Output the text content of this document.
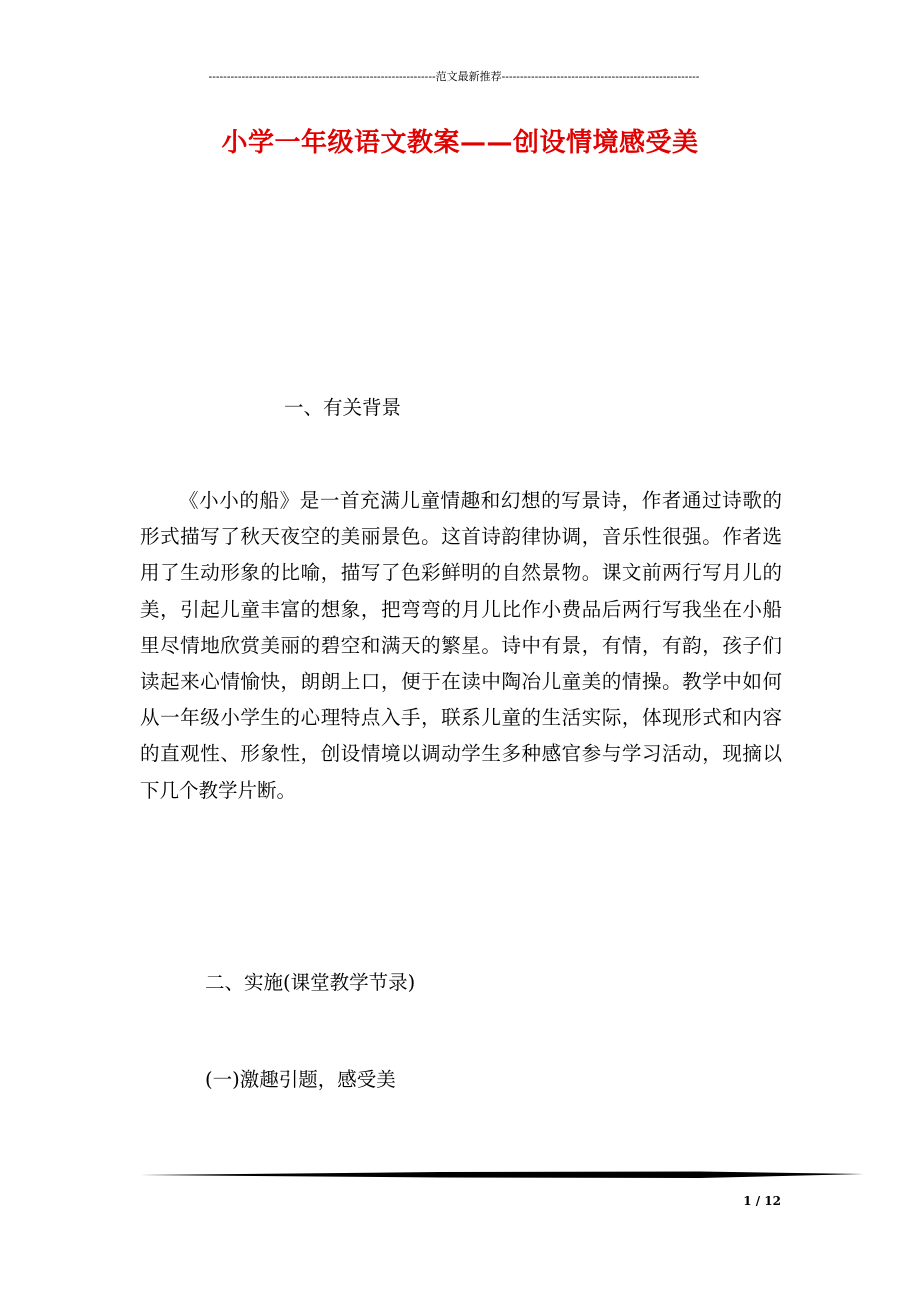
--------------------------------------------------------------范文最新推荐------------------------------------------------------
小学一年级语文教案——创设情境感受美
一、有关背景
《小小的船》是一首充满儿童情趣和幻想的写景诗，作者通过诗歌的形式描写了秋天夜空的美丽景色。这首诗韵律协调，音乐性很强。作者选用了生动形象的比喻，描写了色彩鲜明的自然景物。课文前两行写月儿的美，引起儿童丰富的想象，把弯弯的月儿比作小费品后两行写我坐在小船里尽情地欣赏美丽的碧空和满天的繁星。诗中有景，有情，有韵，孩子们读起来心情愉快，朗朗上口，便于在读中陶冶儿童美的情操。教学中如何从一年级小学生的心理特点入手，联系儿童的生活实际，体现形式和内容的直观性、形象性，创设情境以调动学生多种感官参与学习活动，现摘以下几个教学片断。
二、实施(课堂教学节录)
(一)激趣引题，感受美
1 / 12
